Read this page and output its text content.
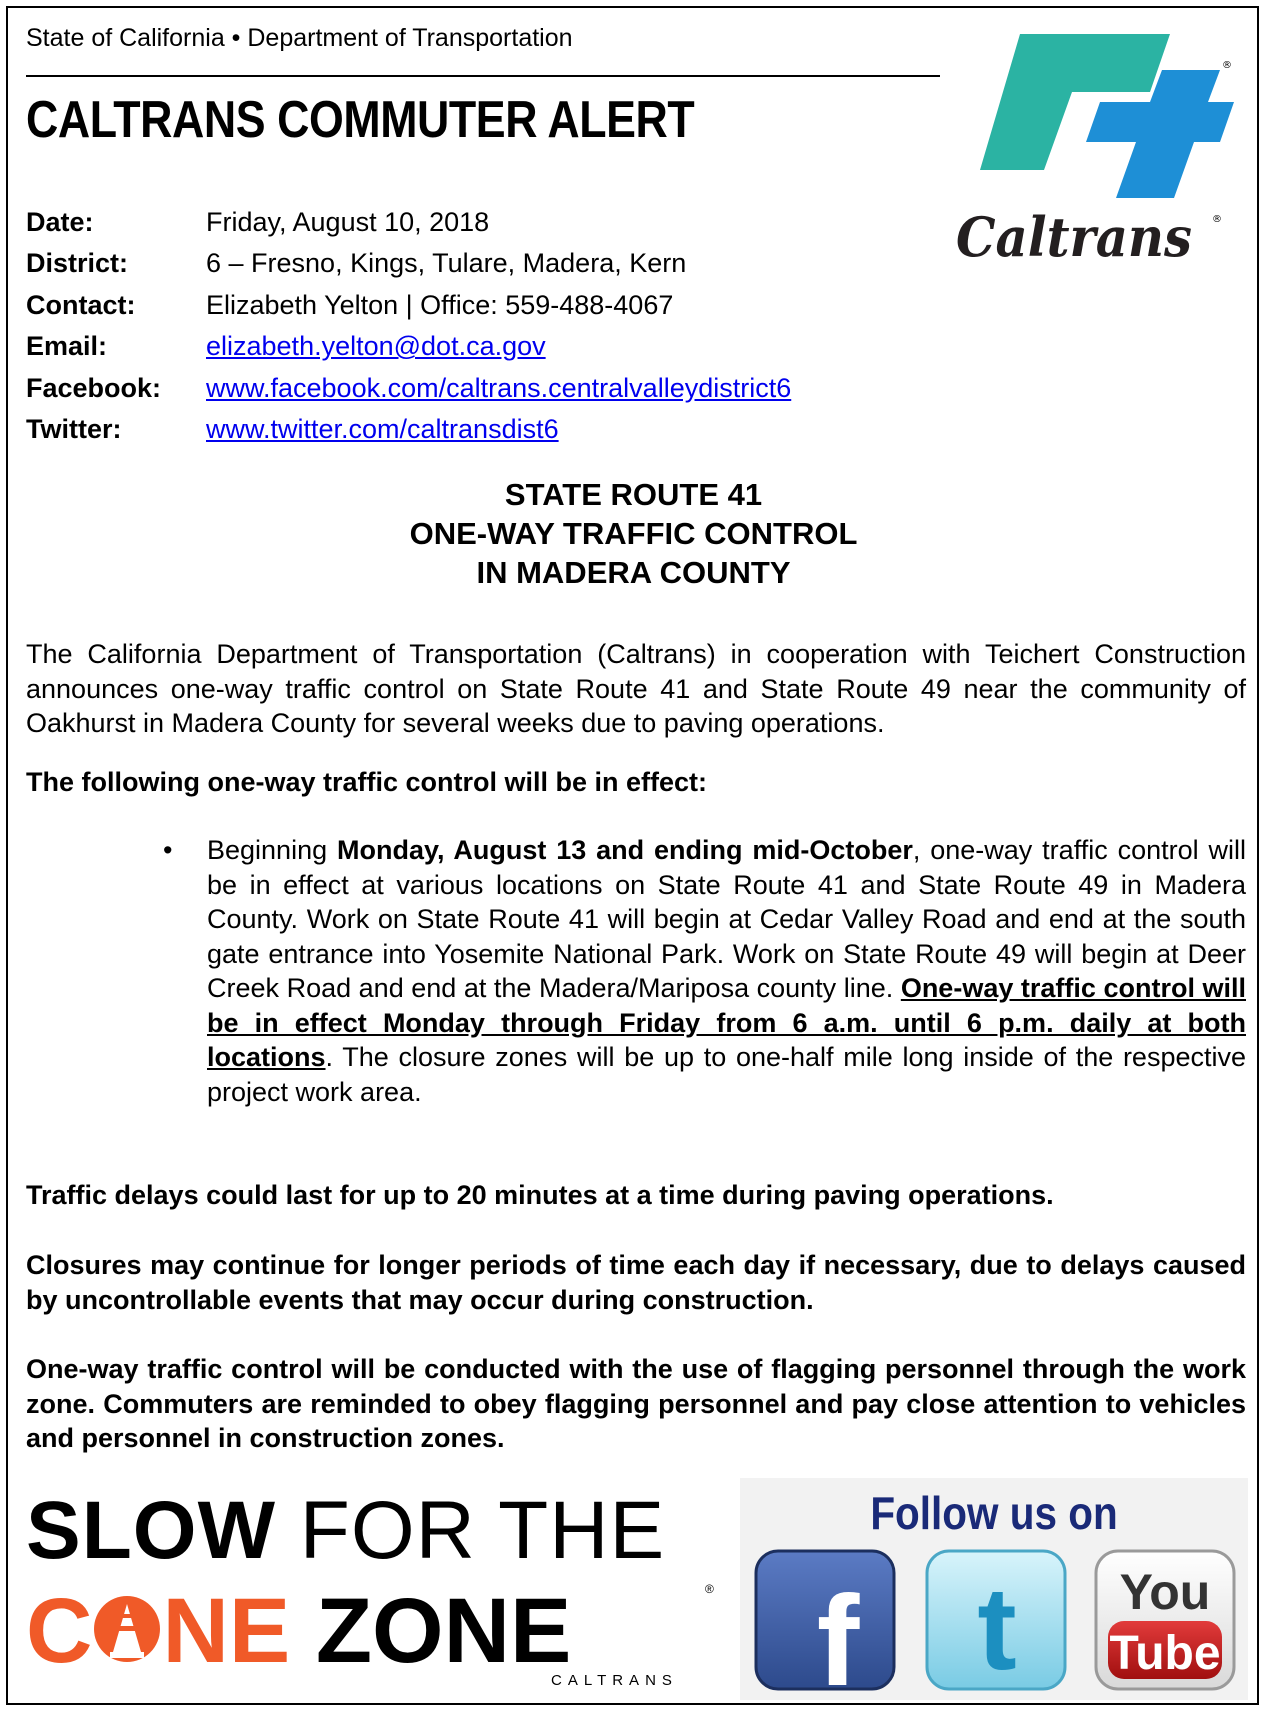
State of California • Department of Transportation
CALTRANS COMMUTER ALERT
®
Caltrans ®
Date:	Friday, August 10, 2018
District:	6 – Fresno, Kings, Tulare, Madera, Kern
Contact:	Elizabeth Yelton | Office: 559-488-4067
Email:	elizabeth.yelton@dot.ca.gov
Facebook:	www.facebook.com/caltrans.centralvalleydistrict6
Twitter:	www.twitter.com/caltransdist6
STATE ROUTE 41
ONE-WAY TRAFFIC CONTROL
IN MADERA COUNTY
The California Department of Transportation (Caltrans) in cooperation with Teichert Construction announces one-way traffic control on State Route 41 and State Route 49 near the community of Oakhurst in Madera County for several weeks due to paving operations.
The following one-way traffic control will be in effect:
• Beginning Monday, August 13 and ending mid-October, one-way traffic control will be in effect at various locations on State Route 41 and State Route 49 in Madera County. Work on State Route 41 will begin at Cedar Valley Road and end at the south gate entrance into Yosemite National Park. Work on State Route 49 will begin at Deer Creek Road and end at the Madera/Mariposa county line. One-way traffic control will be in effect Monday through Friday from 6 a.m. until 6 p.m. daily at both locations. The closure zones will be up to one-half mile long inside of the respective project work area.
Traffic delays could last for up to 20 minutes at a time during paving operations.
Closures may continue for longer periods of time each day if necessary, due to delays caused by uncontrollable events that may occur during construction.
One-way traffic control will be conducted with the use of flagging personnel through the work zone. Commuters are reminded to obey flagging personnel and pay close attention to vehicles and personnel in construction zones.
SLOW FOR THE
C NE ZONE	®
CALTRANS
Follow us on
f t You
Tube
